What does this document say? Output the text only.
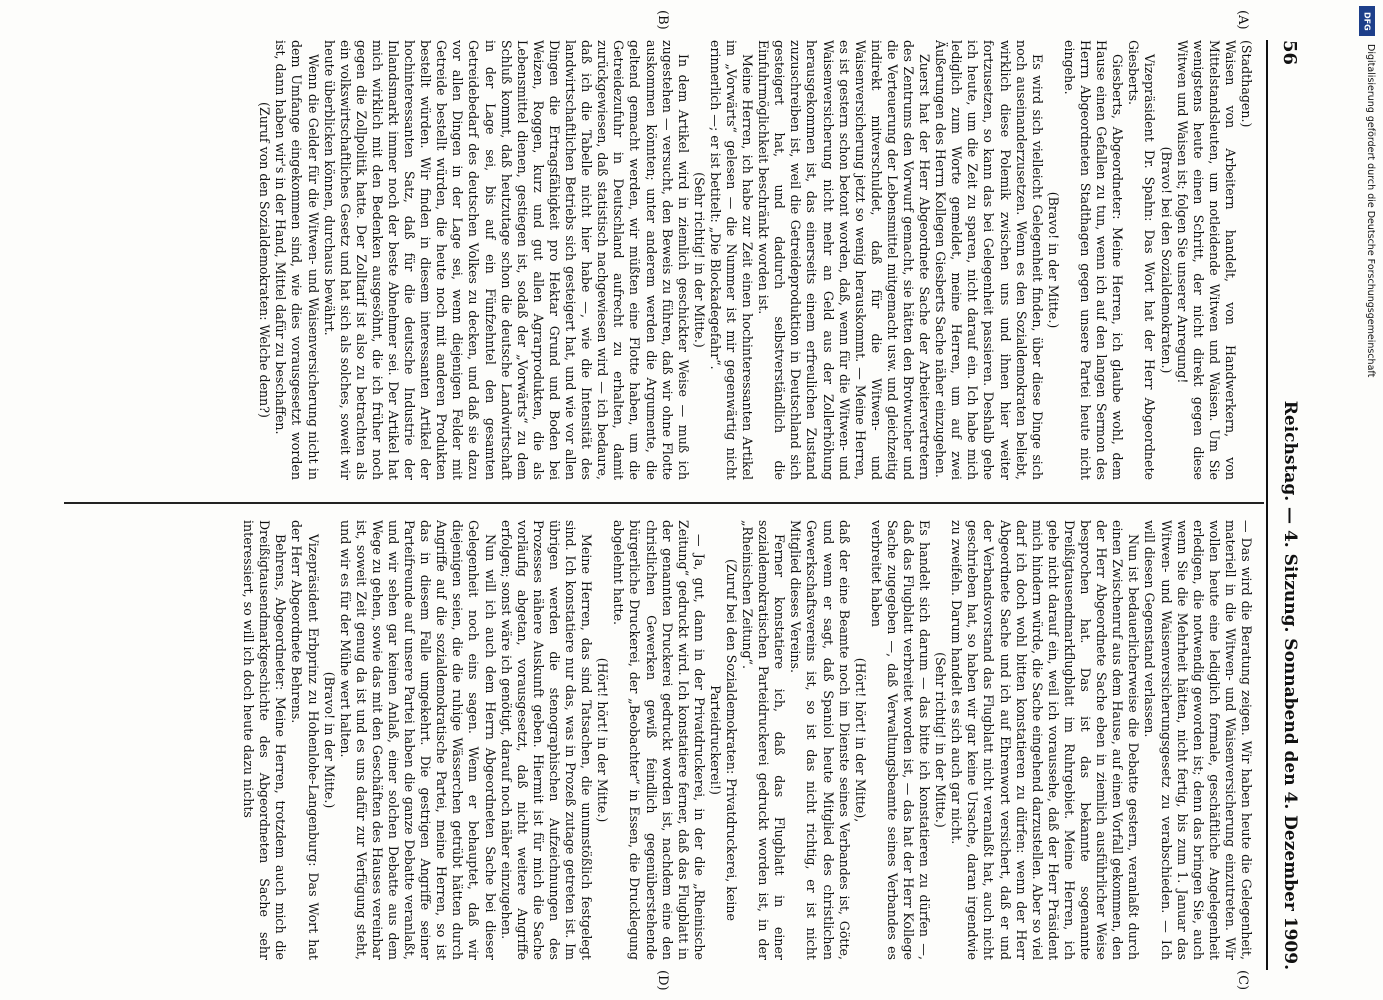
56
Reichstag. — 4. Sitzung. Sonnabend den 4. Dezember 1909.
(A)
(B)
(C)
(D)

(Stadthagen.)

Waisen von Arbeitern handelt, von Handwerkern, von Mittelstandsleuten, um notleidende Witwen und Waisen. Um Sie wenigstens heute einen Schritt, der nicht direkt gegen diese Witwen und Waisen ist; folgen Sie unserer Anregung!

(Bravo! bei den Sozialdemokraten.)

Vizepräsident Dr. Spahn: Das Wort hat der Herr Abgeordnete Giesberts.

Giesberts, Abgeordneter: Meine Herren, ich glaube wohl, dem Hause einen Gefallen zu tun, wenn ich auf den langen Sermon des Herrn Abgeordneten Stadthagen gegen unsere Partei heute nicht eingehe.

(Bravo! in der Mitte.)

Es wird sich vielleicht Gelegenheit finden, über diese Dinge sich noch auseinanderzusetzen. Wenn es den Sozialdemokraten beliebt, wirklich diese Polemik zwischen uns und ihnen hier weiter fortzusetzen, so kann das bei Gelegenheit passieren. Deshalb gehe ich heute, um die Zeit zu sparen, nicht darauf ein. Ich habe mich lediglich zum Worte gemeldet, meine Herren, um auf zwei Äußerungen des Herrn Kollegen Giesberts Sache näher einzugehen.

Zuerst hat der Herr Abgeordnete Sache der Arbeitervertretern des Zentrums den Vorwurf gemacht, sie hätten den Brotwucher und die Verteuerung der Lebensmittel mitgemacht usw. und gleichzeitig indirekt mitverschuldet, daß für die Witwen- und Waisenversicherung jetzt so wenig herauskommt. — Meine Herren, es ist gestern schon betont worden, daß, wenn für die Witwen- und Waisenversicherung nicht mehr an Geld aus der Zollerhöhung herausgekommen ist, das einerseits einem erfreulichen Zustand zuzuschreiben ist, weil die Getreideproduktion in Deutschland sich gesteigert hat, und dadurch selbstverständlich die Einfuhrmöglichkeit beschränkt worden ist.

Meine Herren, ich habe zur Zeit einen hochinteressanten Artikel im „Vorwärts“ gelesen — die Nummer ist mir gegenwärtig nicht erinnerlich —; er ist betitelt: „Die Blockadegefahr“.

(Sehr richtig! in der Mitte.)

In dem Artikel wird in ziemlich geschickter Weise — muß ich zugestehen — versucht, den Beweis zu führen, daß wir ohne Flotte auskommen könnten; unter anderem werden die Argumente, die geltend gemacht werden, wir müßten eine Flotte haben, um die Getreidezufuhr in Deutschland aufrecht zu erhalten, damit zurückgewiesen, daß statistisch nachgewiesen wird — ich bedaure, daß ich die Tabelle nicht hier habe —, wie die Intensität des landwirtschaftlichen Betriebs sich gesteigert hat, und wie vor allen Dingen die Ertragsfähigkeit pro Hektar Grund und Boden bei Weizen, Roggen, kurz und gut allen Agrarprodukten, die als Lebensmittel dienen, gestiegen ist, sodaß der „Vorwärts“ zu dem Schluß kommt, daß heutzutage schon die deutsche Landwirtschaft in der Lage sei, bis auf ein Fünfzehntel den gesamten Getreidebedarf des deutschen Volkes zu decken, und daß sie dazu vor allen Dingen in der Lage sei, wenn diejenigen Felder mit Getreide bestellt würden, die heute noch mit anderen Produkten bestellt würden. Wir finden in diesem interessanten Artikel der hochinteressanten Satz, daß für die deutsche Industrie der Inlandsmarkt immer noch der beste Abnehmer sei. Der Artikel hat mich wirklich mit den Bedenken ausgesöhnt, die ich früher noch gegen die Zollpolitik hatte. Der Zolltarif ist also zu betrachten als ein volkswirtschaftliches Gesetz und hat sich als solches, soweit wir heute überblicken können, durchaus bewährt.

Wenn die Gelder für die Witwen- und Waisenversicherung nicht in dem Umfange eingekommen sind, wie dies vorausgesetzt worden ist, dann haben wir's in der Hand, Mittel dafür zu beschaffen.

(Zuruf von den Sozialdemokraten: Welche denn?)

— Das wird die Beratung zeigen. Wir haben heute die Gelegenheit, materiell in die Witwen- und Waisenversicherung einzutreten. Wir wollen heute eine lediglich formale, geschäftliche Angelegenheit erledigen, die notwendig geworden ist; denn das bringen Sie, auch wenn Sie die Mehrheit hätten, nicht fertig, bis zum 1. Januar das Witwen- und Waisenversicherungsgesetz zu verabschieden. — Ich will diesen Gegenstand verlassen.

Nun ist bedauerlicherweise die Debatte gestern, veranlaßt durch einen Zwischenruf aus dem Hause, auf einen Vorfall gekommen, den der Herr Abgeordnete Sache eben in ziemlich ausführlicher Weise besprochen hat. Das ist das bekannte sogenannte Dreißigtausendmarkflugblatt im Ruhrgebiet. Meine Herren, ich gehe nicht darauf ein, weil ich voraussehe, daß der Herr Präsident mich hindern würde, die Sache eingehend darzustellen. Aber so viel darf ich doch wohl bitten konstatieren zu dürfen: wenn der Herr Abgeordnete Sache und ich auf Ehrenwort versichert, daß er und der Verbandsvorstand das Flugblatt nicht veranlaßt hat, auch nicht geschrieben hat, so haben wir gar keine Ursache, daran irgendwie zu zweifeln. Darum handelt es sich auch gar nicht.

(Sehr richtig! in der Mitte.)

Es handelt sich darum — das bitte ich konstatieren zu dürfen —, daß das Flugblatt verbreitet worden ist, — das hat der Herr Kollege Sache zugegeben —, daß Verwaltungsbeamte seines Verbandes es verbreitet haben

(Hört! hört! in der Mitte),

daß der eine Beamte noch im Dienste seines Verbandes ist, Götte, und wenn er sagt, daß Spaniol heute Mitglied des christlichen Gewerkschaftsvereins ist, so ist das nicht richtig, er ist nicht Mitglied dieses Vereins.

Ferner konstatiere ich, daß das Flugblatt in einer sozialdemokratischen Parteidruckerei gedruckt worden ist, in der „Rheinischen Zeitung“.

(Zuruf bei den Sozialdemokraten: Privatdruckerei, keine Parteidruckerei!)

— Ja, gut, dann in der Privatdruckerei, in der die „Rheinische Zeitung“ gedruckt wird. Ich konstatiere ferner, daß das Flugblatt in der genannten Druckerei gedruckt worden ist, nachdem eine den christlichen Gewerken gewiß feindlich gegenüberstehende bürgerliche Druckerei, der „Beobachter“ in Essen, die Drucklegung abgelehnt hatte.

(Hört! hört! in der Mitte.)

Meine Herren, das sind Tatsachen, die unumstößlich festgelegt sind. Ich konstatiere nur das, was in Prozeß zutage getreten ist. Im übrigen werden die stenographischen Aufzeichnungen des Prozesses nähere Auskunft geben. Hiermit ist für mich die Sache vorläufig abgetan, vorausgesetzt, daß nicht weitere Angriffe erfolgen; sonst wäre ich genötigt, darauf noch näher einzugehen.

Nun will ich auch dem Herrn Abgeordneten Sache bei dieser Gelegenheit noch eins sagen. Wenn er behauptet, daß wir diejenigen seien, die die ruhige Wässerchen getrübt hätten durch Angriffe auf die sozialdemokratische Partei, meine Herren, so ist das in diesem Falle umgekehrt. Die gestrigen Angriffe seiner Parteifreunde auf unsere Partei haben die ganze Debatte veranlaßt, und wir sehen gar keinen Anlaß, einer solchen Debatte aus dem Wege zu gehen, sowie das mit den Geschäften des Hauses vereinbar ist, soweit Zeit genug da ist und es uns dafür zur Verfügung steht, und wir es für der Mühe wert halten.

(Bravo! in der Mitte.)

Vizepräsident Erbprinz zu Hohenlohe-Langenburg: Das Wort hat der Herr Abgeordnete Behrens.

Behrens, Abgeordneter: Meine Herren, trotzdem auch mich die Dreißigtausendmarkgeschichte des Abgeordneten Sache sehr interessiert, so will ich doch heute dazu nichts

DFG
Digitalisierung gefördert durch die Deutsche Forschungsgemeinschaft
